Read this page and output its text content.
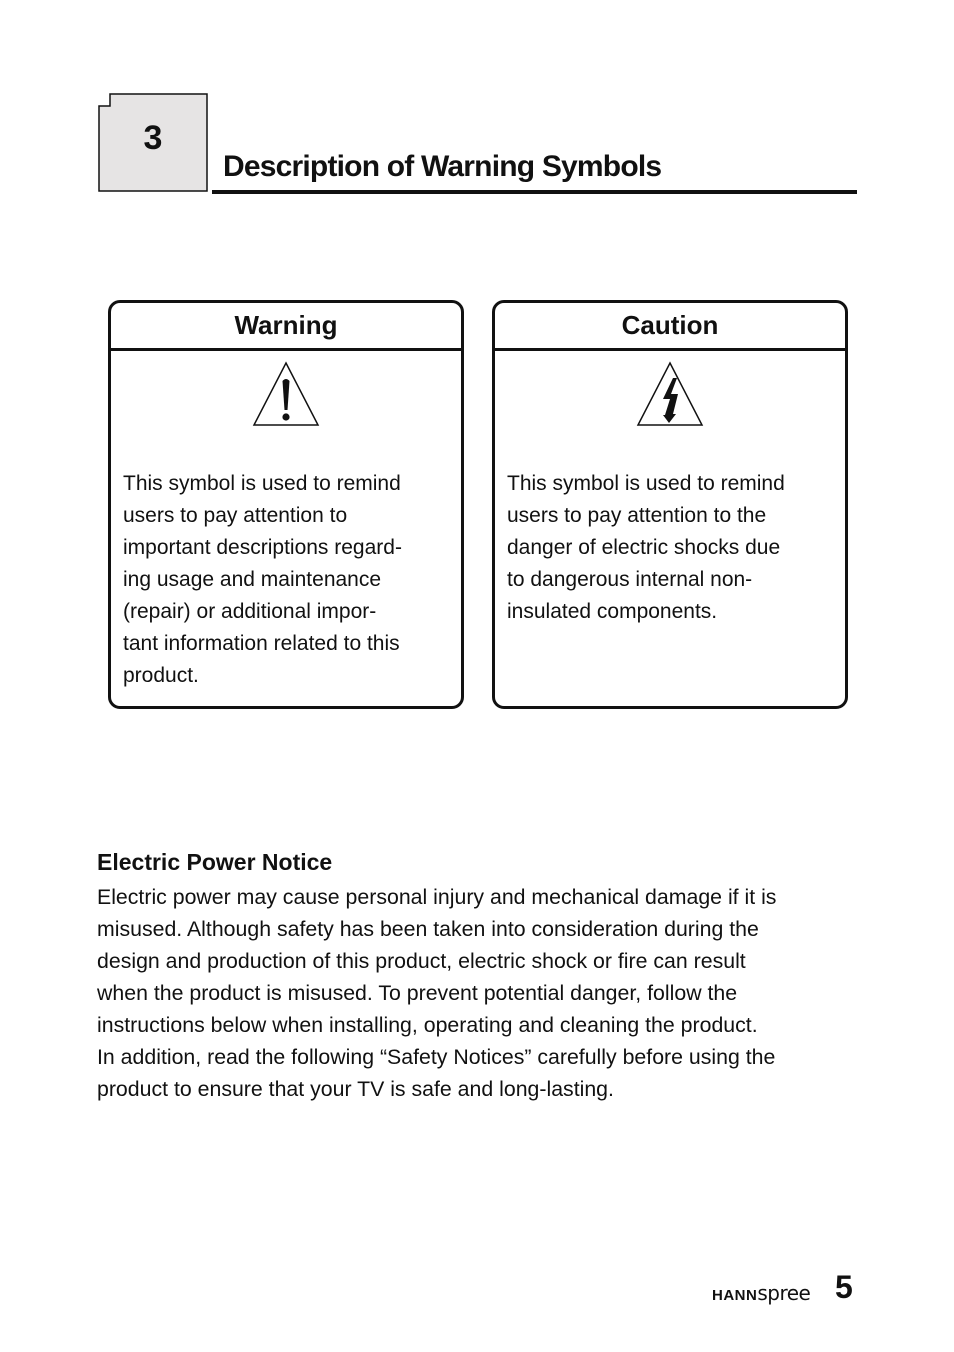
3
Description of Warning Symbols
Warning
This symbol is used to remind
users to pay attention to
important descriptions regard-
ing usage and maintenance
(repair) or additional impor-
tant information related to this
product.
Caution
This symbol is used to remind
users to pay attention to the
danger of electric shocks due
to dangerous internal non-
insulated components.
Electric Power Notice
Electric power may cause personal injury and mechanical damage if it is
misused. Although safety has been taken into consideration during the
design and production of this product, electric shock or fire can result
when the product is misused. To prevent potential danger, follow the
instructions below when installing, operating and cleaning the product.
In addition, read the following “Safety Notices” carefully before using the
product to ensure that your TV is safe and long-lasting.
HANNspree 5
